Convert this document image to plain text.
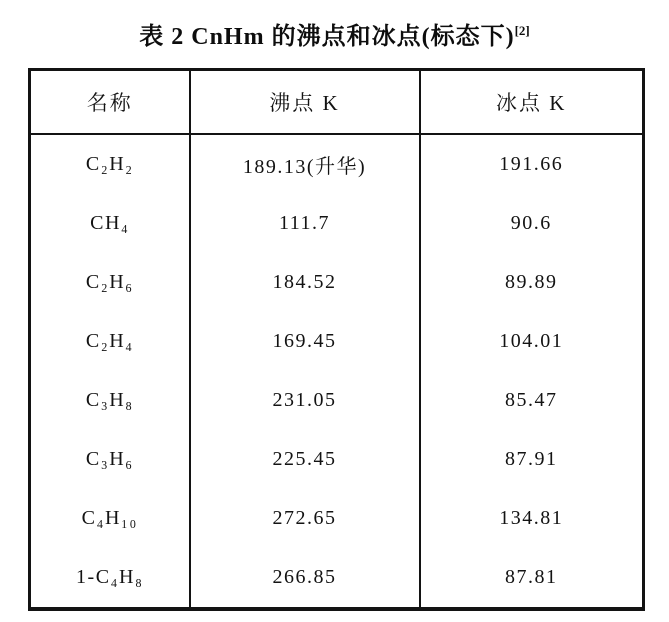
表 2 CnHm 的沸点和冰点(标态下)[2]
名称	沸点 K	冰点 K
C₂H₂	189.13(升华)	191.66
CH₄	111.7	90.6
C₂H₆	184.52	89.89
C₂H₄	169.45	104.01
C₃H₈	231.05	85.47
C₃H₆	225.45	87.91
C₄H₁₀	272.65	134.81
1-C₄H₈	266.85	87.81
